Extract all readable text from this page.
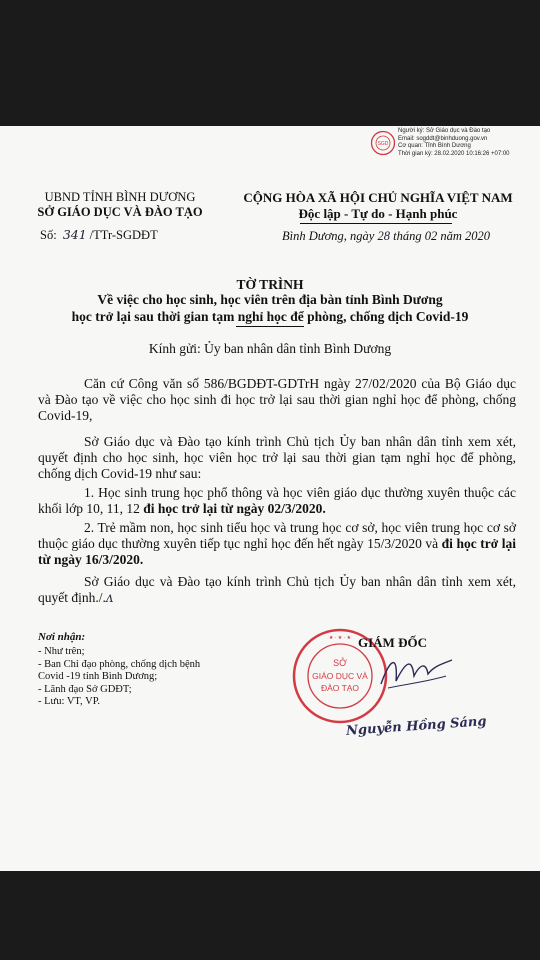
SGD
Người ký: Sở Giáo dục và Đào tạo
Email: sogddt@binhduong.gov.vn
Cơ quan: Tỉnh Bình Dương
Thời gian ký: 28.02.2020 10:16:26 +07:00
UBND TỈNH BÌNH DƯƠNG
SỞ GIÁO DỤC VÀ ĐÀO TẠO
Số: 341 /TTr-SGDĐT
CỘNG HÒA XÃ HỘI CHỦ NGHĨA VIỆT NAM
Độc lập - Tự do - Hạnh phúc
Bình Dương, ngày 28 tháng 02 năm 2020
TỜ TRÌNH
Về việc cho học sinh, học viên trên địa bàn tỉnh Bình Dương
học trở lại sau thời gian tạm nghỉ học để phòng, chống dịch Covid-19
Kính gửi: Ủy ban nhân dân tỉnh Bình Dương
Căn cứ Công văn số 586/BGDĐT-GDTrH ngày 27/02/2020 của Bộ Giáo dục và Đào tạo về việc cho học sinh đi học trở lại sau thời gian nghỉ học để phòng, chống Covid-19,
Sở Giáo dục và Đào tạo kính trình Chủ tịch Ủy ban nhân dân tỉnh xem xét, quyết định cho học sinh, học viên học trở lại sau thời gian tạm nghỉ học để phòng, chống dịch Covid-19 như sau:
1. Học sinh trung học phổ thông và học viên giáo dục thường xuyên thuộc các khối lớp 10, 11, 12 đi học trở lại từ ngày 02/3/2020.
2. Trẻ mầm non, học sinh tiểu học và trung học cơ sở, học viên trung học cơ sở thuộc giáo dục thường xuyên tiếp tục nghỉ học đến hết ngày 15/3/2020 và đi học trở lại từ ngày 16/3/2020.
Sở Giáo dục và Đào tạo kính trình Chủ tịch Ủy ban nhân dân tỉnh xem xét, quyết định./.ᴧ
Nơi nhận:
- Như trên;
- Ban Chỉ đạo phòng, chống dịch bệnh
Covid -19 tỉnh Bình Dương;
- Lãnh đạo Sở GDĐT;
- Lưu: VT, VP.
SỞ
GIÁO DỤC VÀ
ĐÀO TẠO
★ · ★ · ★ GIÁM ĐỐC
Nguyễn Hồng Sáng
